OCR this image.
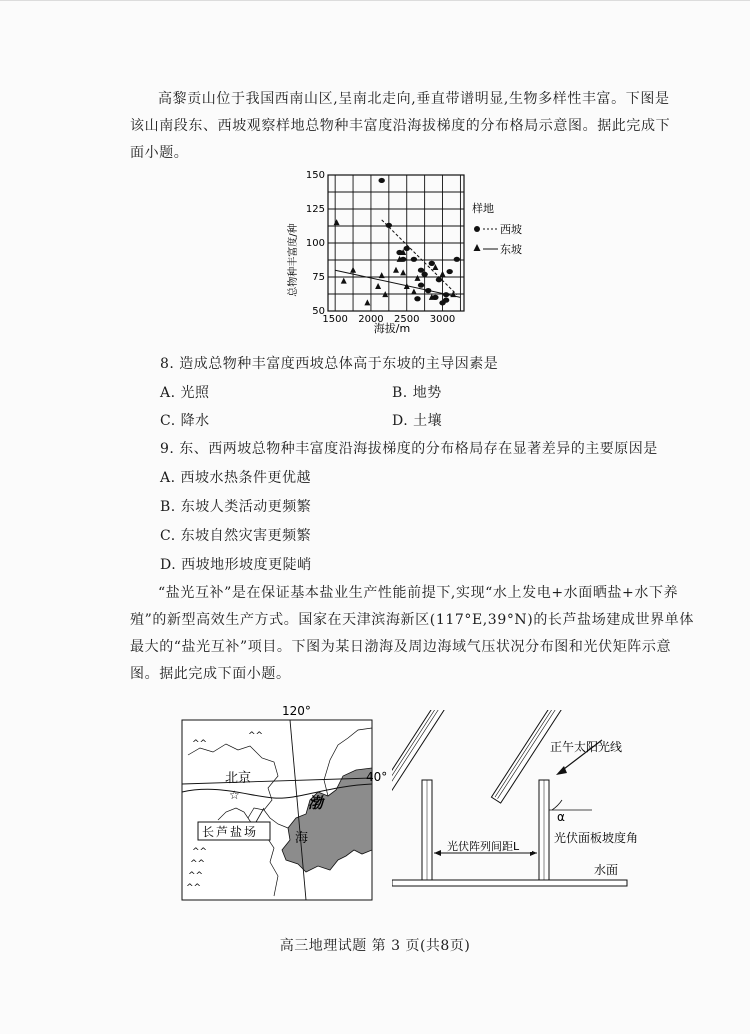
高黎贡山位于我国西南山区,呈南北走向,垂直带谱明显,生物多样性丰富。下图是
该山南段东、西坡观察样地总物种丰富度沿海拔梯度的分布格局示意图。据此完成下
面小题。
1500 2000 2500 3000
50
75
100
125
150
总物种丰富度/种
海拔/m
样地
西坡
东坡
8. 造成总物种丰富度西坡总体高于东坡的主导因素是
A. 光照	B. 地势
C. 降水	D. 土壤
9. 东、西两坡总物种丰富度沿海拔梯度的分布格局存在显著差异的主要原因是
A. 西坡水热条件更优越
B. 东坡人类活动更频繁
C. 东坡自然灾害更频繁
D. 西坡地形坡度更陡峭
“盐光互补”是在保证基本盐业生产性能前提下,实现“水上发电+水面晒盐+水下养
殖”的新型高效生产方式。国家在天津滨海新区(117°E,39°N)的长芦盐场建成世界单体
最大的“盐光互补”项目。下图为某日渤海及周边海域气压状况分布图和光伏矩阵示意
图。据此完成下面小题。
120°
40°
北京
☆
长芦盐场
渤
海
^^
^^
^^
^^
^^
^^
水面
正午太阳光线
α
光伏面板坡度角
光伏阵列间距L
高三地理试题 第 3 页(共8页)
